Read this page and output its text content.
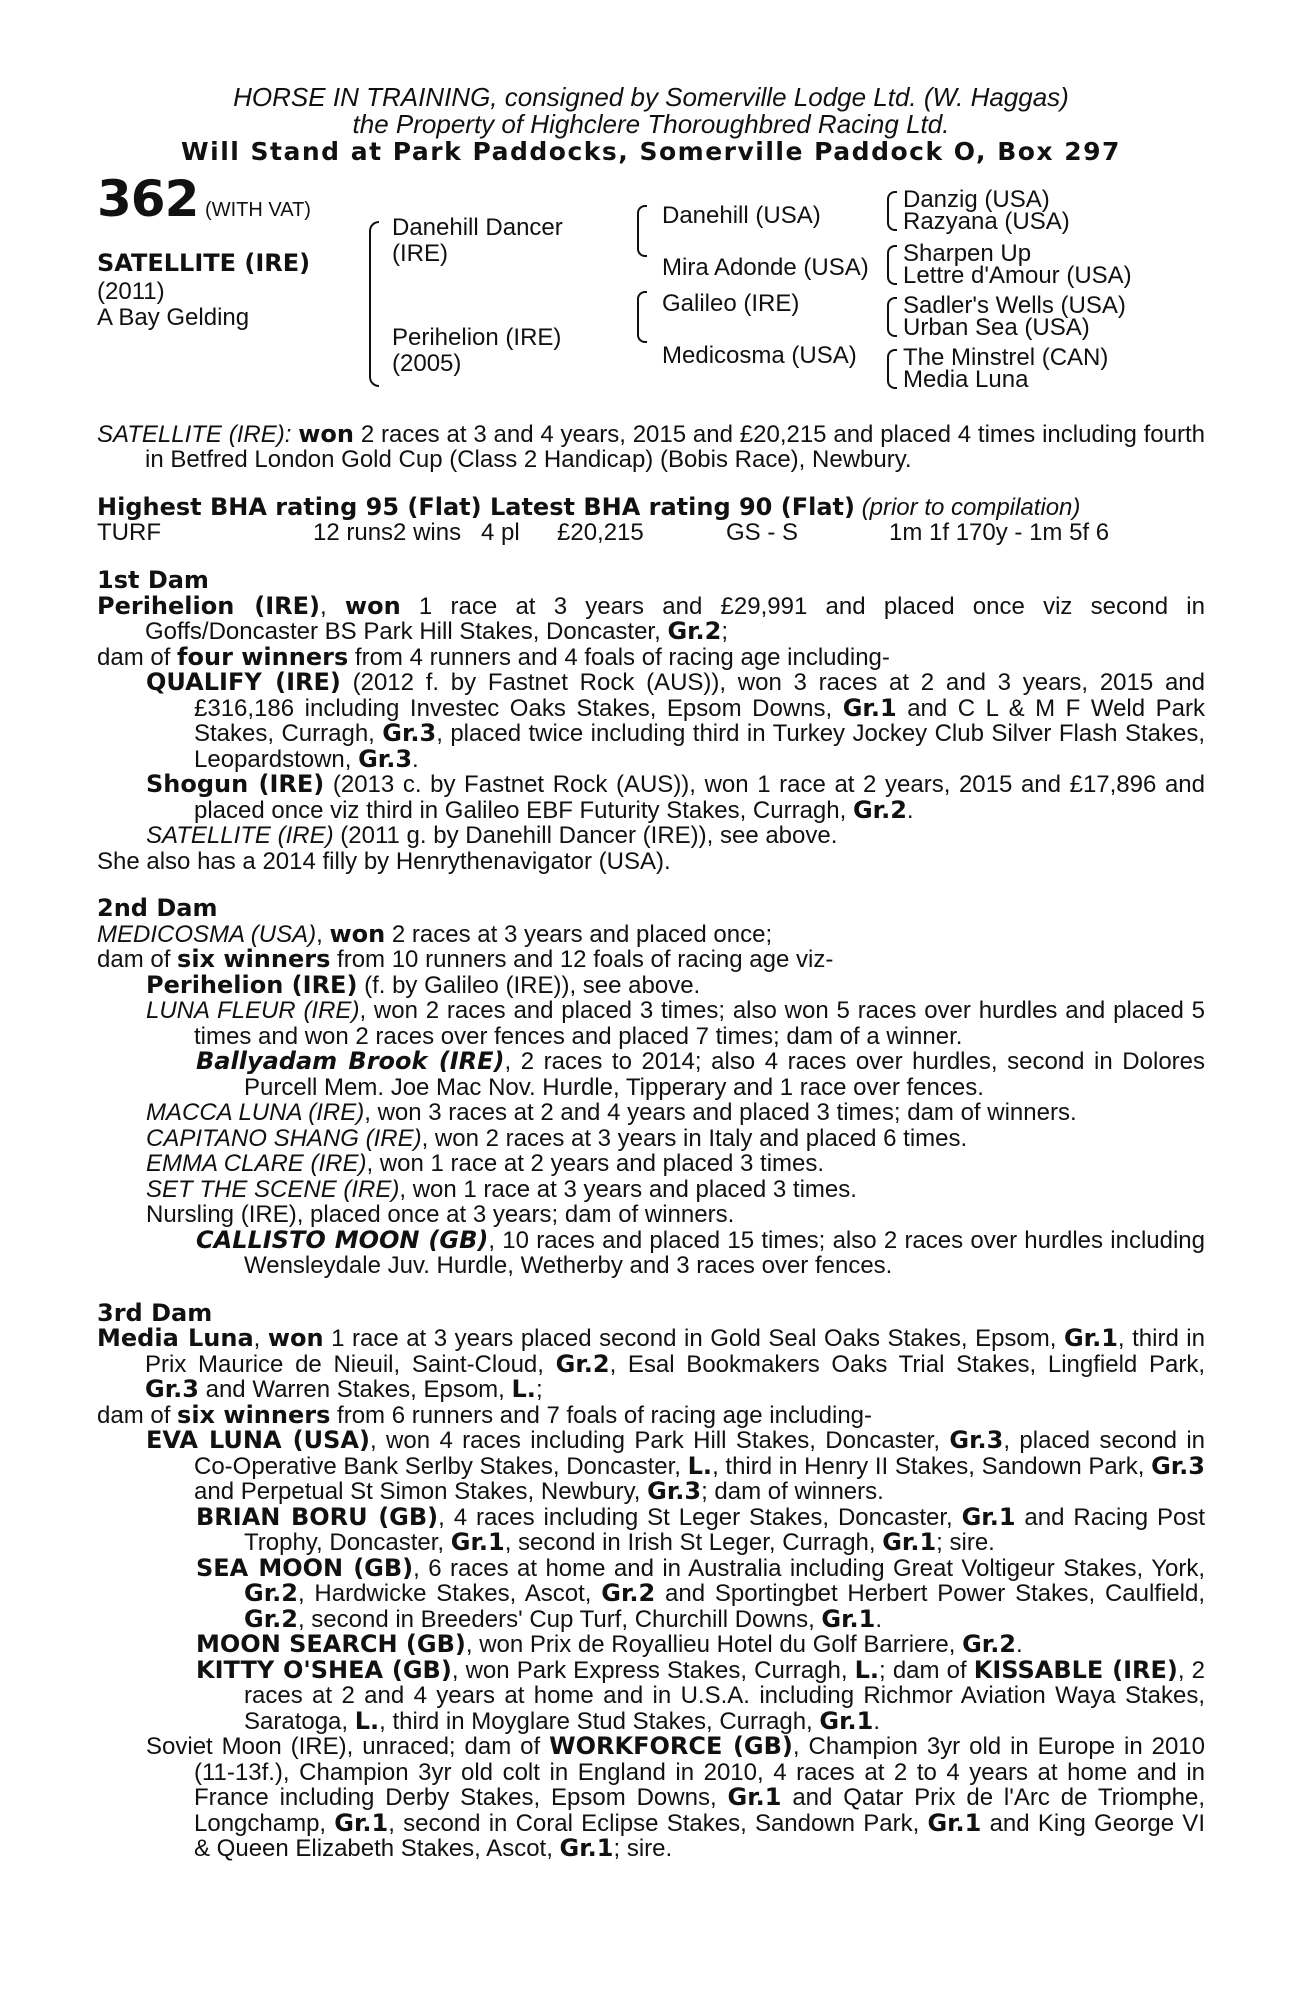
HORSE IN TRAINING, consigned by Somerville Lodge Ltd. (W. Haggas)
the Property of Highclere Thoroughbred Racing Ltd.
Will Stand at Park Paddocks, Somerville Paddock O, Box 297
362 (WITH VAT)
SATELLITE (IRE)
(2011)
A Bay Gelding
Danehill Dancer
(IRE)
Perihelion (IRE)
(2005)
Danehill (USA)
Mira Adonde (USA)
Galileo (IRE)
Medicosma (USA)
Danzig (USA)
Razyana (USA)
Sharpen Up
Lettre d'Amour (USA)
Sadler's Wells (USA)
Urban Sea (USA)
The Minstrel (CAN)
Media Luna

SATELLITE (IRE): won 2 races at 3 and 4 years, 2015 and £20,215 and placed 4 times including fourth in Betfred London Gold Cup (Class 2 Handicap) (Bobis Race), Newbury.

Highest BHA rating 95 (Flat) Latest BHA rating 90 (Flat) (prior to compilation)

TURF	12 runs2 wins 4 pl £20,215	GS - S	1m 1f 170y - 1m 5f 6

1st Dam

Perihelion (IRE), won 1 race at 3 years and £29,991 and placed once viz second in Goffs/Doncaster BS Park Hill Stakes, Doncaster, Gr.2;

dam of four winners from 4 runners and 4 foals of racing age including-

QUALIFY (IRE) (2012 f. by Fastnet Rock (AUS)), won 3 races at 2 and 3 years, 2015 and £316,186 including Investec Oaks Stakes, Epsom Downs, Gr.1 and C L & M F Weld Park Stakes, Curragh, Gr.3, placed twice including third in Turkey Jockey Club Silver Flash Stakes, Leopardstown, Gr.3.

Shogun (IRE) (2013 c. by Fastnet Rock (AUS)), won 1 race at 2 years, 2015 and £17,896 and placed once viz third in Galileo EBF Futurity Stakes, Curragh, Gr.2.

SATELLITE (IRE) (2011 g. by Danehill Dancer (IRE)), see above.

She also has a 2014 filly by Henrythenavigator (USA).

2nd Dam

MEDICOSMA (USA), won 2 races at 3 years and placed once;

dam of six winners from 10 runners and 12 foals of racing age viz-

Perihelion (IRE) (f. by Galileo (IRE)), see above.

LUNA FLEUR (IRE), won 2 races and placed 3 times; also won 5 races over hurdles and placed 5 times and won 2 races over fences and placed 7 times; dam of a winner.

Ballyadam Brook (IRE), 2 races to 2014; also 4 races over hurdles, second in Dolores Purcell Mem. Joe Mac Nov. Hurdle, Tipperary and 1 race over fences.

MACCA LUNA (IRE), won 3 races at 2 and 4 years and placed 3 times; dam of winners.

CAPITANO SHANG (IRE), won 2 races at 3 years in Italy and placed 6 times.

EMMA CLARE (IRE), won 1 race at 2 years and placed 3 times.

SET THE SCENE (IRE), won 1 race at 3 years and placed 3 times.

Nursling (IRE), placed once at 3 years; dam of winners.

CALLISTO MOON (GB), 10 races and placed 15 times; also 2 races over hurdles including Wensleydale Juv. Hurdle, Wetherby and 3 races over fences.

3rd Dam

Media Luna, won 1 race at 3 years placed second in Gold Seal Oaks Stakes, Epsom, Gr.1, third in Prix Maurice de Nieuil, Saint-Cloud, Gr.2, Esal Bookmakers Oaks Trial Stakes, Lingfield Park, Gr.3 and Warren Stakes, Epsom, L.;

dam of six winners from 6 runners and 7 foals of racing age including-

EVA LUNA (USA), won 4 races including Park Hill Stakes, Doncaster, Gr.3, placed second in Co-Operative Bank Serlby Stakes, Doncaster, L., third in Henry II Stakes, Sandown Park, Gr.3 and Perpetual St Simon Stakes, Newbury, Gr.3; dam of winners.

BRIAN BORU (GB), 4 races including St Leger Stakes, Doncaster, Gr.1 and Racing Post Trophy, Doncaster, Gr.1, second in Irish St Leger, Curragh, Gr.1; sire.

SEA MOON (GB), 6 races at home and in Australia including Great Voltigeur Stakes, York, Gr.2, Hardwicke Stakes, Ascot, Gr.2 and Sportingbet Herbert Power Stakes, Caulfield, Gr.2, second in Breeders' Cup Turf, Churchill Downs, Gr.1.

MOON SEARCH (GB), won Prix de Royallieu Hotel du Golf Barriere, Gr.2.

KITTY O'SHEA (GB), won Park Express Stakes, Curragh, L.; dam of KISSABLE (IRE), 2 races at 2 and 4 years at home and in U.S.A. including Richmor Aviation Waya Stakes, Saratoga, L., third in Moyglare Stud Stakes, Curragh, Gr.1.

Soviet Moon (IRE), unraced; dam of WORKFORCE (GB), Champion 3yr old in Europe in 2010 (11-13f.), Champion 3yr old colt in England in 2010, 4 races at 2 to 4 years at home and in France including Derby Stakes, Epsom Downs, Gr.1 and Qatar Prix de l'Arc de Triomphe, Longchamp, Gr.1, second in Coral Eclipse Stakes, Sandown Park, Gr.1 and King George VI & Queen Elizabeth Stakes, Ascot, Gr.1; sire.
